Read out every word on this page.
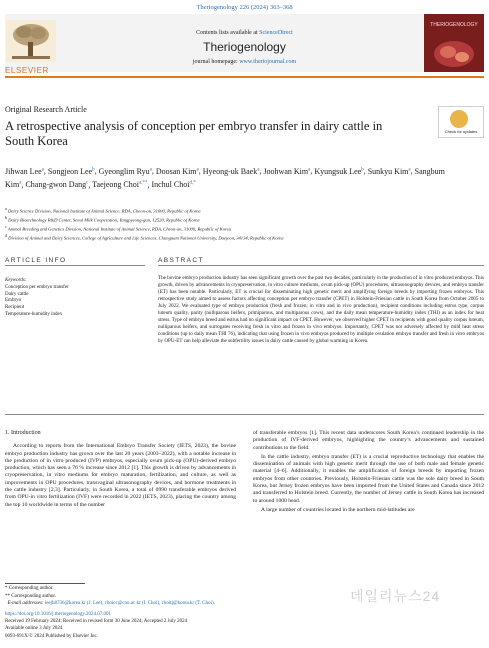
Theriogenology 226 (2024) 363–368
ELSEVIER
Contents lists available at ScienceDirect
Theriogenology
journal homepage: www.theriojournal.com
THERIOGENOLOGY
Original Research Article
A retrospective analysis of conception per embryo transfer in dairy cattle in South Korea
Check for updates
Jihwan Lee$^a$, Songjeon Lee$^b$, Gyeonglim Ryu$^a$, Doosan Kim$^a$, Hyeong-uk Baek$^a$, Joohwan Kim$^a$, Kyungsuk Lee$^b$, Sunkyu Kim$^a$, Sangbum Kim$^a$, Chang-gwon Dang$^c$, Taejeong Choi$^{a,**}$, Inchul Choi$^{d,*}$
$^a$ Dairy Science Division, National Institute of Animal Science, RDA, Cheon-an, 31000, Republic of Korea
$^b$ Dairy Biotechnology R&D Center, Seoul Milk Cooperation, Yangpyeong-gun, 12520, Republic of Korea
$^c$ Animal Breeding and Genetics Division, National Institute of Animal Science, RDA, Cheon-an, 31000, Republic of Korea
$^d$ Division of Animal and Dairy Sciences, College of Agriculture and Life Sciences, Chungnam National University, Daejeon, 34134, Republic of Korea
ARTICLE INFO	ABSTRACT
Keywords:
Conception per embryo transfer
Dairy cattle
Embryo
Recipient
Temperature-humidity index
The bovine embryo production industry has seen significant growth over the past two decades, particularly in the production of in vitro produced embryos. This growth, driven by advancements in cryopreservation, in vitro culture mediums, ovum pick-up (OPU) procedures, ultrasonography devices, and embryo transfer (ET) has been notable. Particularly, ET is crucial for disseminating high genetic merit and amplifying foreign breeds by importing frozen embryos. This retrospective study aimed to assess factors affecting conception per embryo transfer (CPET) in Holstein-Friesian cattle in South Korea from October 2005 to July 2022. We evaluated type of embryo production (fresh and frozen; in vitro and in vivo production), recipient conditions including estrus type, corpus luteum quality, parity (nulliparous heifers, primiparous, and multiparous cows), and the daily mean temperature-humidity index (THI) as an index for heat stress. Type of embryo breed and estrus had no significant impact on CPET. However, we observed higher CPET in recipients with good quality corpus luteum, nulliparous heifers, and surrogates receiving fresh in vitro and frozen in vivo embryos. Importantly, CPET was not adversely affected by mild heat stress conditions (up to daily mean THI 76), indicating that using frozen in vivo embryos produced by multiple ovulation embryo transfer and fresh in vitro embryos by OPU-ET can help alleviate the subfertility issues in dairy cattle caused by global warming in Korea.

1. Introduction

According to reports from the International Embryo Transfer Society (IETS, 2023), the bovine embryo production industry has grown over the last 20 years (2003–2022), with a notable increase in the production of in vitro produced (IVP) embryos, especially ovum pick-up (OPU)-derived embryo production, which has seen a 76 % increase since 2012 [1]. This growth is driven by advancements in cryopreservation, in vitro mediums for embryo maturation, fertilization, and culture, as well as improvements in OPU procedures, transvaginal ultrasonography devices, and hormone treatments in the cattle industry [2,3]. Particularly, in South Korea, a total of 0990 transferable embryos derived from OPU-in vitro fertilization (IVF) were recorded in 2022 (IETS, 2023), placing the country among the top 10 worldwide in terms of the number

of transferable embryos [1]. This recent data underscores South Korea’s continued leadership in the production of IVF-derived embryos, highlighting the country’s advancements and sustained contributions to the field.

In the cattle industry, embryo transfer (ET) is a crucial reproductive technology that enables the dissemination of animals with high genetic merit through the use of both male and female genetic material [4–6]. Additionally, it enables the amplification of foreign breeds by importing frozen embryos from other countries. Previously, Holstein-Friesian cattle was the sole dairy breed in South Korea, but Jersey frozen embryos have been imported from the United States and Canada since 2012 and transferred to Holstein breed. Currently, the number of Jersey cattle in South Korea has increased to around 1000 head.

A large number of countries located in the northern mid-latitudes are

* Corresponding author.
** Corresponding author.
E-mail addresses: leejh8736@korea.kr (J. Lee), choicc@cnu.ac.kr (I. Choi), choitj@korea.kr (T. Choi).
https://doi.org/10.1016/j.theriogenology.2024.07.001
Received 19 February 2024; Received in revised form 30 June 2024; Accepted 2 July 2024
Available online 3 July 2024
0093-691X/© 2024 Published by Elsevier Inc.
데일리뉴스24
